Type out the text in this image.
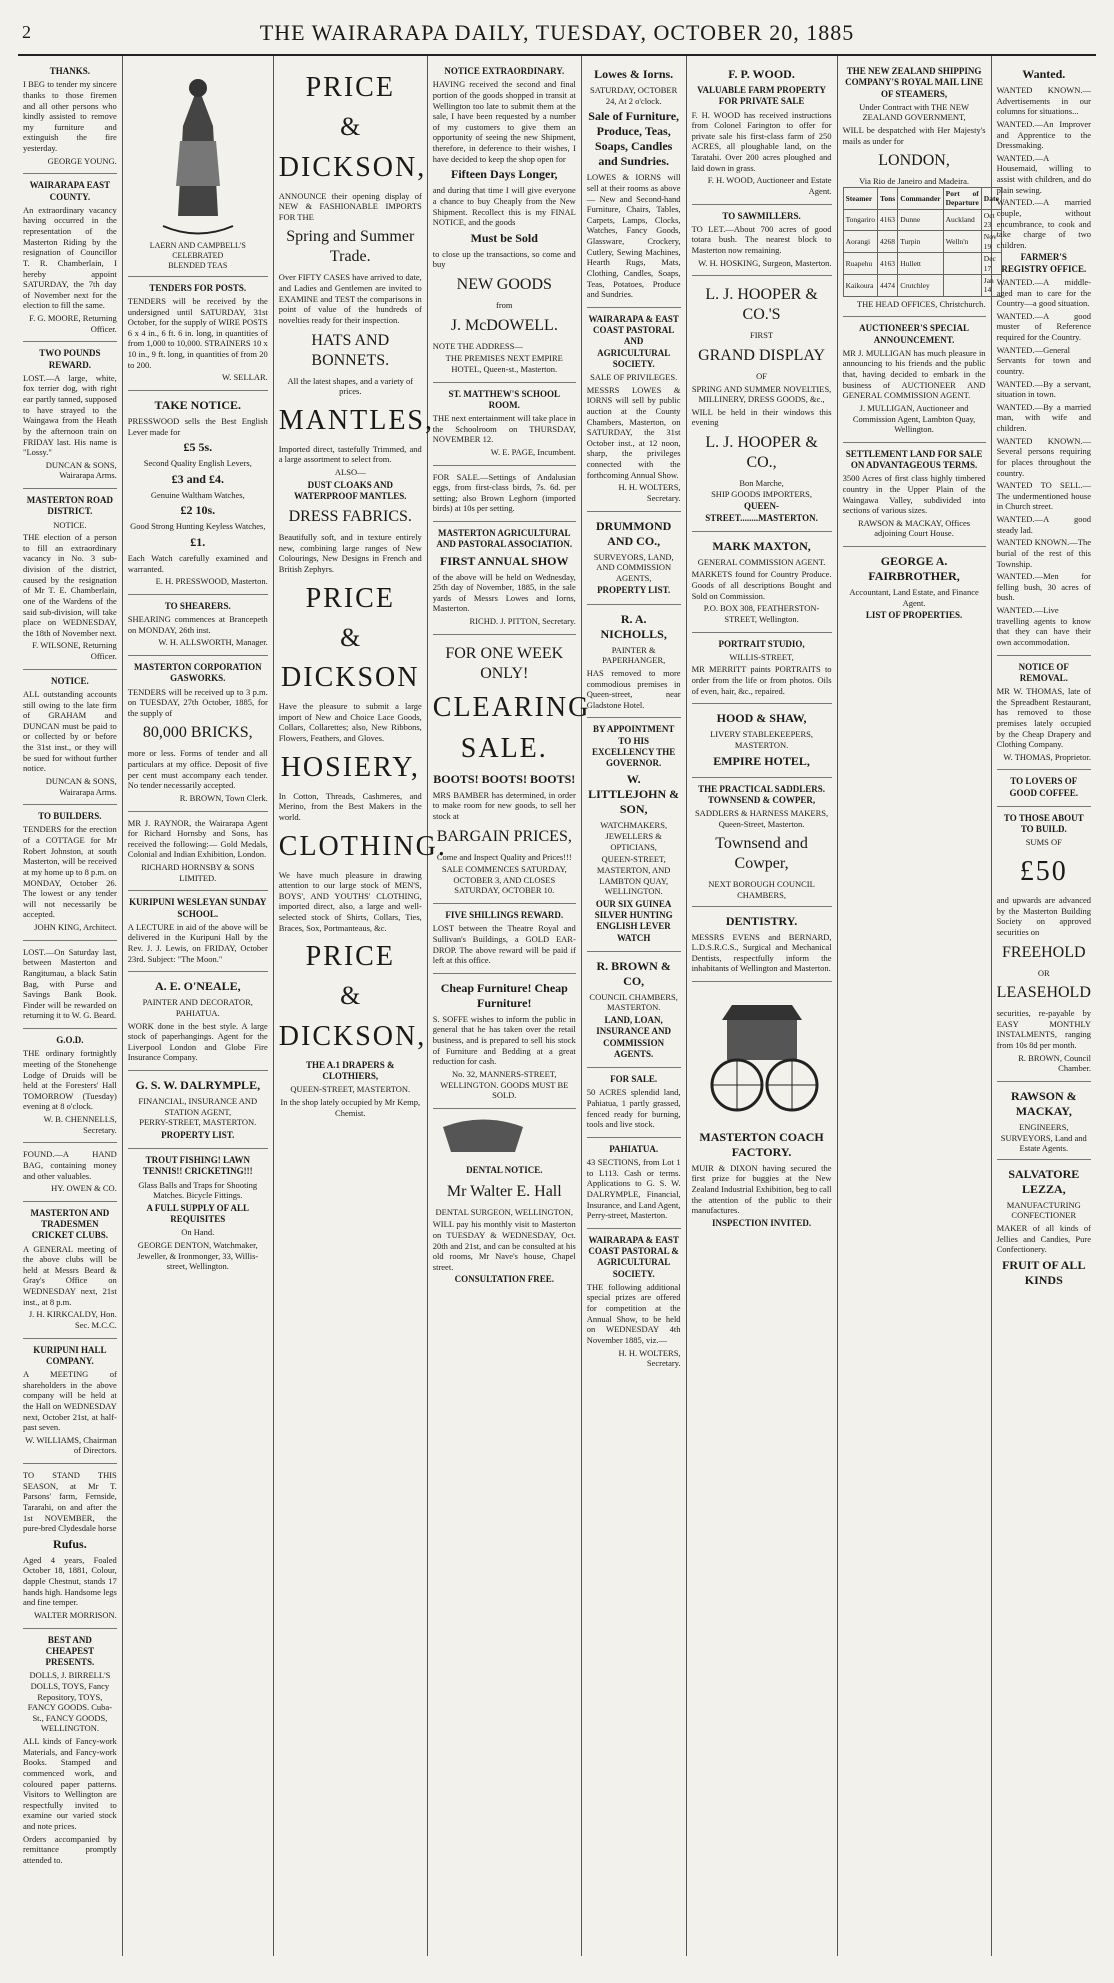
2	THE WAIRARAPA DAILY, TUESDAY, OCTOBER 20, 1885
THANKS.

I BEG to tender my sincere thanks to those firemen and all other persons who kindly assisted to remove my furniture and extinguish the fire yesterday.

GEORGE YOUNG.

WAIRARAPA EAST COUNTY.

An extraordinary vacancy having occurred in the representation of the Masterton Riding by the resignation of Councillor T. R. Chamberlain, I hereby appoint SATURDAY, the 7th day of November next for the election to fill the same.

F. G. MOORE, Returning Officer.

TWO POUNDS REWARD.

LOST.—A large, white, fox terrier dog, with right ear partly tanned, supposed to have strayed to the Waingawa from the Heath by the afternoon train on FRIDAY last. His name is "Lossy."

DUNCAN & SONS, Wairarapa Arms.

MASTERTON ROAD DISTRICT.
NOTICE.

THE election of a person to fill an extraordinary vacancy in No. 3 sub-division of the district, caused by the resignation of Mr T. E. Chamberlain, one of the Wardens of the said sub-division, will take place on WEDNESDAY, the 18th of November next.

F. WILSONE, Returning Officer.

NOTICE.

ALL outstanding accounts still owing to the late firm of GRAHAM and DUNCAN must be paid to or collected by or before the 31st inst., or they will be sued for without further notice.

DUNCAN & SONS, Wairarapa Arms.

TO BUILDERS.

TENDERS for the erection of a COTTAGE for Mr Robert Johnston, at south Masterton, will be received at my home up to 8 p.m. on MONDAY, October 26. The lowest or any tender will not necessarily be accepted.

JOHN KING, Architect.

LOST.—On Saturday last, between Masterton and Rangitumau, a black Satin Bag, with Purse and Savings Bank Book. Finder will be rewarded on returning it to W. G. Beard.

G.O.D.

THE ordinary fortnightly meeting of the Stonehenge Lodge of Druids will be held at the Foresters' Hall TOMORROW (Tuesday) evening at 8 o'clock.

W. B. CHENNELLS, Secretary.

FOUND.—A HAND BAG, containing money and other valuables.

HY. OWEN & CO.

MASTERTON AND TRADESMEN CRICKET CLUBS.

A GENERAL meeting of the above clubs will be held at Messrs Beard & Gray's Office on WEDNESDAY next, 21st inst., at 8 p.m.

J. H. KIRKCALDY, Hon. Sec. M.C.C.

KURIPUNI HALL COMPANY.

A MEETING of shareholders in the above company will be held at the Hall on WEDNESDAY next, October 21st, at half-past seven.

W. WILLIAMS, Chairman of Directors.

TO STAND THIS SEASON, at Mr T. Parsons' farm, Fernside, Tararahi, on and after the 1st NOVEMBER, the pure-bred Clydesdale horse

Rufus.

Aged 4 years, Foaled October 18, 1881, Colour, dapple Chestnut, stands 17 hands high. Handsome legs and fine temper.

WALTER MORRISON.

BEST AND CHEAPEST PRESENTS.

DOLLS, J. BIRRELL'S DOLLS, TOYS, Fancy Repository, TOYS, FANCY GOODS. Cuba-St., FANCY GOODS, WELLINGTON.

ALL kinds of Fancy-work Materials, and Fancy-work Books. Stamped and commenced work, and coloured paper patterns. Visitors to Wellington are respectfully invited to examine our varied stock and note prices.

Orders accompanied by remittance promptly attended to.

LAERN AND CAMPBELL'S
CELEBRATED
BLENDED TEAS
TENDERS FOR POSTS.

TENDERS will be received by the undersigned until SATURDAY, 31st October, for the supply of WIRE POSTS 6 x 4 in., 6 ft. 6 in. long, in quantities of from 1,000 to 10,000. STRAINERS 10 x 10 in., 9 ft. long, in quantities of from 20 to 200.

W. SELLAR.

TAKE NOTICE.

PRESSWOOD sells the Best English Lever made for

£5 5s.

Second Quality English Levers,

£3 and £4.

Genuine Waltham Watches,

£2 10s.

Good Strong Hunting Keyless Watches,

£1.

Each Watch carefully examined and warranted.

E. H. PRESSWOOD, Masterton.

TO SHEARERS.

SHEARING commences at Brancepeth on MONDAY, 26th inst.

W. H. ALLSWORTH, Manager.

MASTERTON CORPORATION GASWORKS.

TENDERS will be received up to 3 p.m. on TUESDAY, 27th October, 1885, for the supply of

80,000 BRICKS,

more or less. Forms of tender and all particulars at my office. Deposit of five per cent must accompany each tender. No tender necessarily accepted.

R. BROWN, Town Clerk.

MR J. RAYNOR, the Wairarapa Agent for Richard Hornsby and Sons, has received the following:— Gold Medals, Colonial and Indian Exhibition, London.

RICHARD HORNSBY & SONS LIMITED.

KURIPUNI WESLEYAN SUNDAY SCHOOL.

A LECTURE in aid of the above will be delivered in the Kuripuni Hall by the Rev. J. J. Lewis, on FRIDAY, October 23rd. Subject: "The Moon."

A. E. O'NEALE,
PAINTER AND DECORATOR, PAHIATUA.

WORK done in the best style. A large stock of paperhangings. Agent for the Liverpool London and Globe Fire Insurance Company.

G. S. W. DALRYMPLE,
FINANCIAL, INSURANCE AND STATION AGENT,
PERRY-STREET, MASTERTON.
PROPERTY LIST.
TROUT FISHING! LAWN TENNIS!! CRICKETING!!!

Glass Balls and Traps for Shooting Matches. Bicycle Fittings.

A FULL SUPPLY OF ALL REQUISITES

On Hand.

GEORGE DENTON, Watchmaker, Jeweller, & Ironmonger, 33, Willis-street, Wellington.

PRICE
&
DICKSON,

ANNOUNCE their opening display of NEW & FASHIONABLE IMPORTS FOR THE

Spring and Summer Trade.

Over FIFTY CASES have arrived to date, and Ladies and Gentlemen are invited to EXAMINE and TEST the comparisons in point of value of the hundreds of novelties ready for their inspection.

HATS AND BONNETS.

All the latest shapes, and a variety of prices.

MANTLES,

Imported direct, tastefully Trimmed, and a large assortment to select from.

ALSO—
DUST CLOAKS AND WATERPROOF MANTLES.
DRESS FABRICS.

Beautifully soft, and in texture entirely new, combining large ranges of New Colourings, New Designs in French and British Zephyrs.

PRICE
&
DICKSON

Have the pleasure to submit a large import of New and Choice Lace Goods, Collars, Collarettes; also, New Ribbons, Flowers, Feathers, and Gloves.

HOSIERY,

In Cotton, Threads, Cashmeres, and Merino, from the Best Makers in the world.

CLOTHING.

We have much pleasure in drawing attention to our large stock of MEN'S, BOYS', AND YOUTHS' CLOTHING, imported direct, also, a large and well-selected stock of Shirts, Collars, Ties, Braces, Sox, Portmanteaus, &c.

PRICE
&
DICKSON,
THE A.1 DRAPERS & CLOTHIERS,
QUEEN-STREET, MASTERTON.

In the shop lately occupied by Mr Kemp, Chemist.

NOTICE EXTRAORDINARY.

HAVING received the second and final portion of the goods shopped in transit at Wellington too late to submit them at the sale, I have been requested by a number of my customers to give them an opportunity of seeing the new Shipment, therefore, in deference to their wishes, I have decided to keep the shop open for

Fifteen Days Longer,

and during that time I will give everyone a chance to buy Cheaply from the New Shipment. Recollect this is my FINAL NOTICE, and the goods

Must be Sold

to close up the transactions, so come and buy

NEW GOODS
from
J. McDOWELL.

NOTE THE ADDRESS—

THE PREMISES NEXT EMPIRE HOTEL, Queen-st., Masterton.

ST. MATTHEW'S SCHOOL ROOM.

THE next entertainment will take place in the Schoolroom on THURSDAY, NOVEMBER 12.

W. E. PAGE, Incumbent.

FOR SALE.—Settings of Andalusian eggs, from first-class birds, 7s. 6d. per setting; also Brown Leghorn (imported birds) at 10s per setting.

MASTERTON AGRICULTURAL AND PASTORAL ASSOCIATION.
FIRST ANNUAL SHOW

of the above will be held on Wednesday, 25th day of November, 1885, in the sale yards of Messrs Lowes and Iorns, Masterton.

RICHD. J. PITTON, Secretary.

FOR ONE WEEK ONLY!
CLEARING
SALE.
BOOTS! BOOTS! BOOTS!

MRS BAMBER has determined, in order to make room for new goods, to sell her stock at

BARGAIN PRICES,

Come and Inspect Quality and Prices!!!

SALE COMMENCES SATURDAY, OCTOBER 3, AND CLOSES SATURDAY, OCTOBER 10.

FIVE SHILLINGS REWARD.

LOST between the Theatre Royal and Sullivan's Buildings, a GOLD EAR-DROP. The above reward will be paid if left at this office.

Cheap Furniture! Cheap Furniture!

S. SOFFE wishes to inform the public in general that he has taken over the retail business, and is prepared to sell his stock of Furniture and Bedding at a great reduction for cash.

No. 32, MANNERS-STREET, WELLINGTON. GOODS MUST BE SOLD.

DENTAL NOTICE.
Mr Walter E. Hall
DENTAL SURGEON, WELLINGTON,

WILL pay his monthly visit to Masterton on TUESDAY & WEDNESDAY, Oct. 20th and 21st, and can be consulted at his old rooms, Mr Nave's house, Chapel street.

CONSULTATION FREE.
Lowes & Iorns.
SATURDAY, OCTOBER 24, At 2 o'clock.
Sale of Furniture, Produce, Teas, Soaps, Candles and Sundries.

LOWES & IORNS will sell at their rooms as above— New and Second-hand Furniture, Chairs, Tables, Carpets, Lamps, Clocks, Watches, Fancy Goods, Glassware, Crockery, Cutlery, Sewing Machines, Hearth Rugs, Mats, Clothing, Candles, Soaps, Teas, Potatoes, Produce and Sundries.

WAIRARAPA & EAST COAST PASTORAL AND AGRICULTURAL SOCIETY.
SALE OF PRIVILEGES.

MESSRS LOWES & IORNS will sell by public auction at the County Chambers, Masterton, on SATURDAY, the 31st October inst., at 12 noon, sharp, the privileges connected with the forthcoming Annual Show.

H. H. WOLTERS, Secretary.

DRUMMOND AND CO.,
SURVEYORS, LAND, AND COMMISSION AGENTS,
PROPERTY LIST.
R. A. NICHOLLS,
PAINTER & PAPERHANGER,

HAS removed to more commodious premises in Queen-street, near Gladstone Hotel.

BY APPOINTMENT TO HIS EXCELLENCY THE GOVERNOR.
W. LITTLEJOHN & SON,
WATCHMAKERS, JEWELLERS & OPTICIANS,

QUEEN-STREET, MASTERTON, AND LAMBTON QUAY, WELLINGTON.

OUR SIX GUINEA SILVER HUNTING ENGLISH LEVER WATCH
R. BROWN & CO,
COUNCIL CHAMBERS, MASTERTON.
LAND, LOAN, INSURANCE AND COMMISSION AGENTS.
FOR SALE.

50 ACRES splendid land, Pahiatua, 1 partly grassed, fenced ready for burning, tools and live stock.

PAHIATUA.

43 SECTIONS, from Lot 1 to L113. Cash or terms. Applications to G. S. W. DALRYMPLE, Financial, Insurance, and Land Agent, Perry-street, Masterton.

WAIRARAPA & EAST COAST PASTORAL & AGRICULTURAL SOCIETY.

THE following additional special prizes are offered for competition at the Annual Show, to be held on WEDNESDAY 4th November 1885, viz.—

H. H. WOLTERS, Secretary.

F. P. WOOD.
VALUABLE FARM PROPERTY FOR PRIVATE SALE

F. H. WOOD has received instructions from Colonel Farington to offer for private sale his first-class farm of 250 ACRES, all ploughable land, on the Taratahi. Over 200 acres ploughed and laid down in grass.

F. H. WOOD, Auctioneer and Estate Agent.

TO SAWMILLERS.

TO LET.—About 700 acres of good totara bush. The nearest block to Masterton now remaining.

W. H. HOSKING, Surgeon, Masterton.

L. J. HOOPER & CO.'S
FIRST
GRAND DISPLAY
OF

SPRING AND SUMMER NOVELTIES, MILLINERY, DRESS GOODS, &c.,

WILL be held in their windows this evening

L. J. HOOPER & CO.,
Bon Marche,
SHIP GOODS IMPORTERS,
QUEEN-STREET........MASTERTON.
MARK MAXTON,
GENERAL COMMISSION AGENT.

MARKETS found for Country Produce. Goods of all descriptions Bought and Sold on Commission.

P.O. BOX 308, FEATHERSTON-STREET, Wellington.

PORTRAIT STUDIO,
WILLIS-STREET,

MR MERRITT paints PORTRAITS to order from the life or from photos. Oils of even, hair, &c., repaired.

HOOD & SHAW,
LIVERY STABLEKEEPERS, MASTERTON.
EMPIRE HOTEL,
THE PRACTICAL SADDLERS. TOWNSEND & COWPER,
SADDLERS & HARNESS MAKERS, Queen-Street, Masterton.
Townsend and Cowper,
NEXT BOROUGH COUNCIL CHAMBERS,
DENTISTRY.

MESSRS EVENS and BERNARD, L.D.S.R.C.S., Surgical and Mechanical Dentists, respectfully inform the inhabitants of Wellington and Masterton.

MASTERTON COACH FACTORY.

MUIR & DIXON having secured the first prize for buggies at the New Zealand Industrial Exhibition, beg to call the attention of the public to their manufactures.

INSPECTION INVITED.
THE NEW ZEALAND SHIPPING COMPANY'S ROYAL MAIL LINE OF STEAMERS,
Under Contract with THE NEW ZEALAND GOVERNMENT,

WILL be despatched with Her Majesty's mails as under for

LONDON,
Via Rio de Janeiro and Madeira.
Steamer	Tons	Commander	Port of Departure	Date
Tongariro	4163	Dunne	Auckland	Oct 23
Aorangi	4268	Turpin	Welln'n	Nov 19
Ruapehu	4163	Hullett		Dec 17
Kaikoura	4474	Crutchley		Jan 14

THE HEAD OFFICES, Christchurch.

AUCTIONEER'S SPECIAL ANNOUNCEMENT.

MR J. MULLIGAN has much pleasure in announcing to his friends and the public that, having decided to embark in the business of AUCTIONEER AND GENERAL COMMISSION AGENT.

J. MULLIGAN, Auctioneer and Commission Agent, Lambton Quay, Wellington.

SETTLEMENT LAND FOR SALE ON ADVANTAGEOUS TERMS.

3500 Acres of first class highly timbered country in the Upper Plain of the Waingawa Valley, subdivided into sections of various sizes.

RAWSON & MACKAY, Offices adjoining Court House.

GEORGE A. FAIRBROTHER,
Accountant, Land Estate, and Finance Agent.
LIST OF PROPERTIES.
Wanted.

WANTED KNOWN.—Advertisements in our columns for situations...

WANTED.—An Improver and Apprentice to the Dressmaking.

WANTED.—A Housemaid, willing to assist with children, and do plain sewing.

WANTED.—A married couple, without encumbrance, to cook and take charge of two children.

FARMER'S REGISTRY OFFICE.

WANTED.—A middle-aged man to care for the Country—a good situation.

WANTED.—A good muster of Reference required for the Country.

WANTED.—General Servants for town and country.

WANTED.—By a servant, situation in town.

WANTED.—By a married man, with wife and children.

WANTED KNOWN.—Several persons requiring for places throughout the country.

WANTED TO SELL.—The undermentioned house in Church street.

WANTED.—A good steady lad.

WANTED KNOWN.—The burial of the rest of this Township.

WANTED.—Men for felling bush, 30 acres of bush.

WANTED.—Live travelling agents to know that they can have their own accommodation.

NOTICE OF REMOVAL.

MR W. THOMAS, late of the Spreadbent Restaurant, has removed to those premises lately occupied by the Cheap Drapery and Clothing Company.

W. THOMAS, Proprietor.

TO LOVERS OF GOOD COFFEE.
TO THOSE ABOUT TO BUILD.
SUMS OF
£50

and upwards are advanced by the Masterton Building Society on approved securities on

FREEHOLD
OR
LEASEHOLD

securities, re-payable by EASY MONTHLY INSTALMENTS, ranging from 10s 8d per month.

R. BROWN, Council Chamber.

RAWSON & MACKAY,
ENGINEERS, SURVEYORS, Land and Estate Agents.
SALVATORE LEZZA,
MANUFACTURING CONFECTIONER

MAKER of all kinds of Jellies and Candies, Pure Confectionery.

FRUIT OF ALL KINDS
